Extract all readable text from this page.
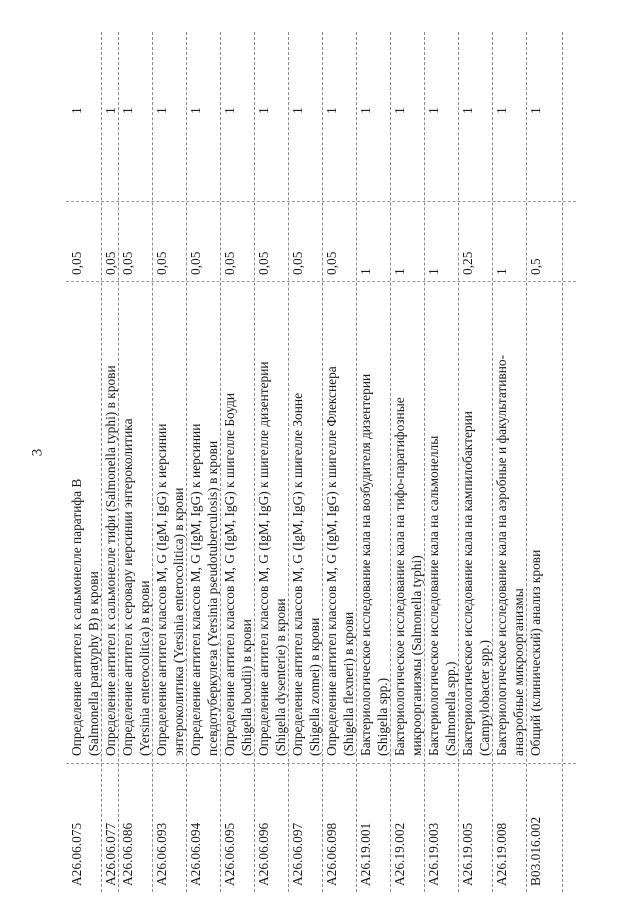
3
A26.06.075
Определение антител к сальмонелле паратифа В (Salmonella paratyphy B) в крови
0,05
1
A26.06.077
Определение антител к сальмонелле тифи (Salmonella typhi) в крови
0,05
1
A26.06.086
Определение антител к серовару иерсинии энтероколитика (Yersinia enterocolitica) в крови
0,05
1
A26.06.093
Определение антител классов M, G (IgM, IgG) к иерсинии энтероколитика (Yersinia enterocolitica) в крови
0,05
1
A26.06.094
Определение антител классов M, G (IgM, IgG) к иерсинии псевдотуберкулеза (Yersinia pseudotuberculosis) в крови
0,05
1
A26.06.095
Определение антител классов M, G (IgM, IgG) к шигелле Боуди (Shigella boudii) в крови
0,05
1
A26.06.096
Определение антител классов M, G (IgM, IgG) к шигелле дизентерии (Shigella dysenterie) в крови
0,05
1
A26.06.097
Определение антител классов M, G (IgM, IgG) к шигелле Зонне (Shigella zonnei) в крови
0,05
1
A26.06.098
Определение антител классов M, G (IgM, IgG) к шигелле Флекснера (Shigella flexneri) в крови
0,05
1
A26.19.001
Бактериологическое исследование кала на возбудителя дизентерии (Shigella spp.)
1
1
A26.19.002
Бактериологическое исследование кала на тифо-паратифозные микроорганизмы (Salmonella typhi)
1
1
A26.19.003
Бактериологическое исследование кала на сальмонеллы (Salmonella spp.)
1
1
A26.19.005
Бактериологическое исследование кала на кампилобактерии (Campylobacter spp.)
0,25
1
A26.19.008
Бактериологическое исследование кала на аэробные и факультативно- анаэробные микроорганизмы
1
1
B03.016.002
Общий (клинический) анализ крови
0,5
1
